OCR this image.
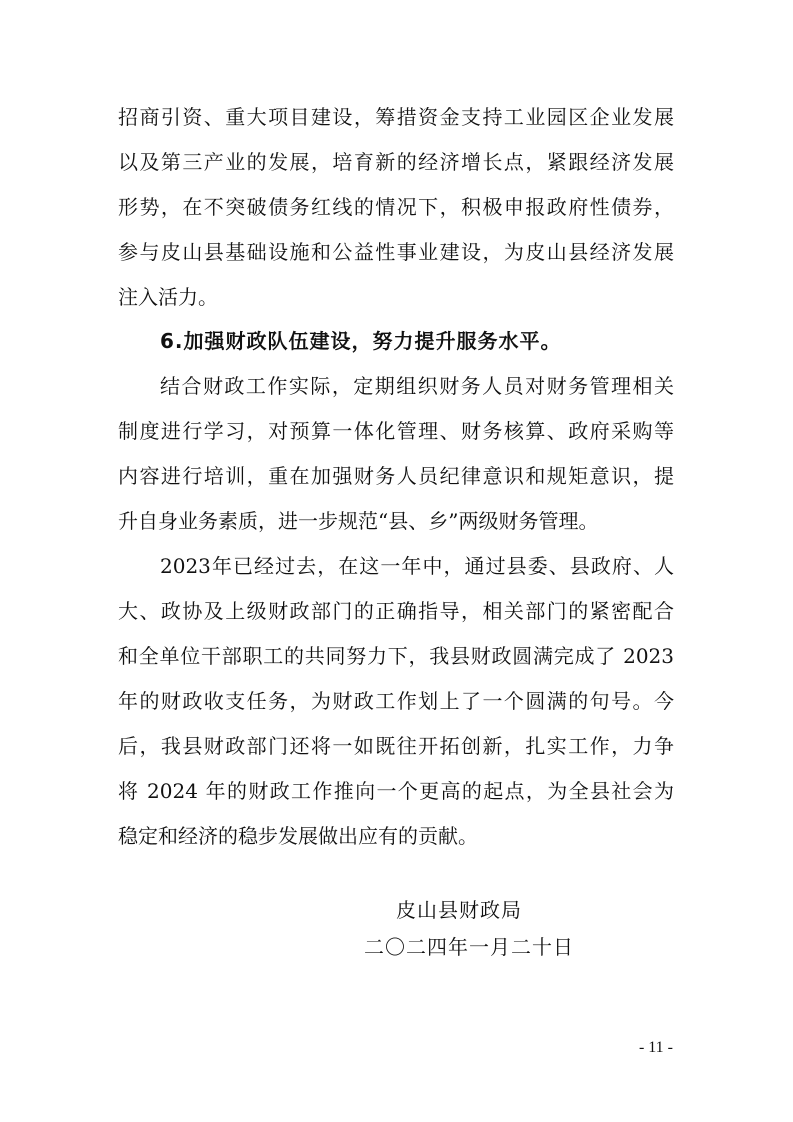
招商引资、重大项目建设，筹措资金支持工业园区企业发展
以及第三产业的发展，培育新的经济增长点，紧跟经济发展
形势，在不突破债务红线的情况下，积极申报政府性债券，
参与皮山县基础设施和公益性事业建设，为皮山县经济发展
注入活力。
6.加强财政队伍建设，努力提升服务水平。
结合财政工作实际，定期组织财务人员对财务管理相关
制度进行学习，对预算一体化管理、财务核算、政府采购等
内容进行培训，重在加强财务人员纪律意识和规矩意识，提
升自身业务素质，进一步规范“县、乡”两级财务管理。
2023年已经过去，在这一年中，通过县委、县政府、人
大、政协及上级财政部门的正确指导，相关部门的紧密配合
和全单位干部职工的共同努力下，我县财政圆满完成了 2023
年的财政收支任务，为财政工作划上了一个圆满的句号。今
后，我县财政部门还将一如既往开拓创新，扎实工作，力争
将 2024 年的财政工作推向一个更高的起点，为全县社会为
稳定和经济的稳步发展做出应有的贡献。
皮山县财政局
二〇二四年一月二十日
- 11 -
